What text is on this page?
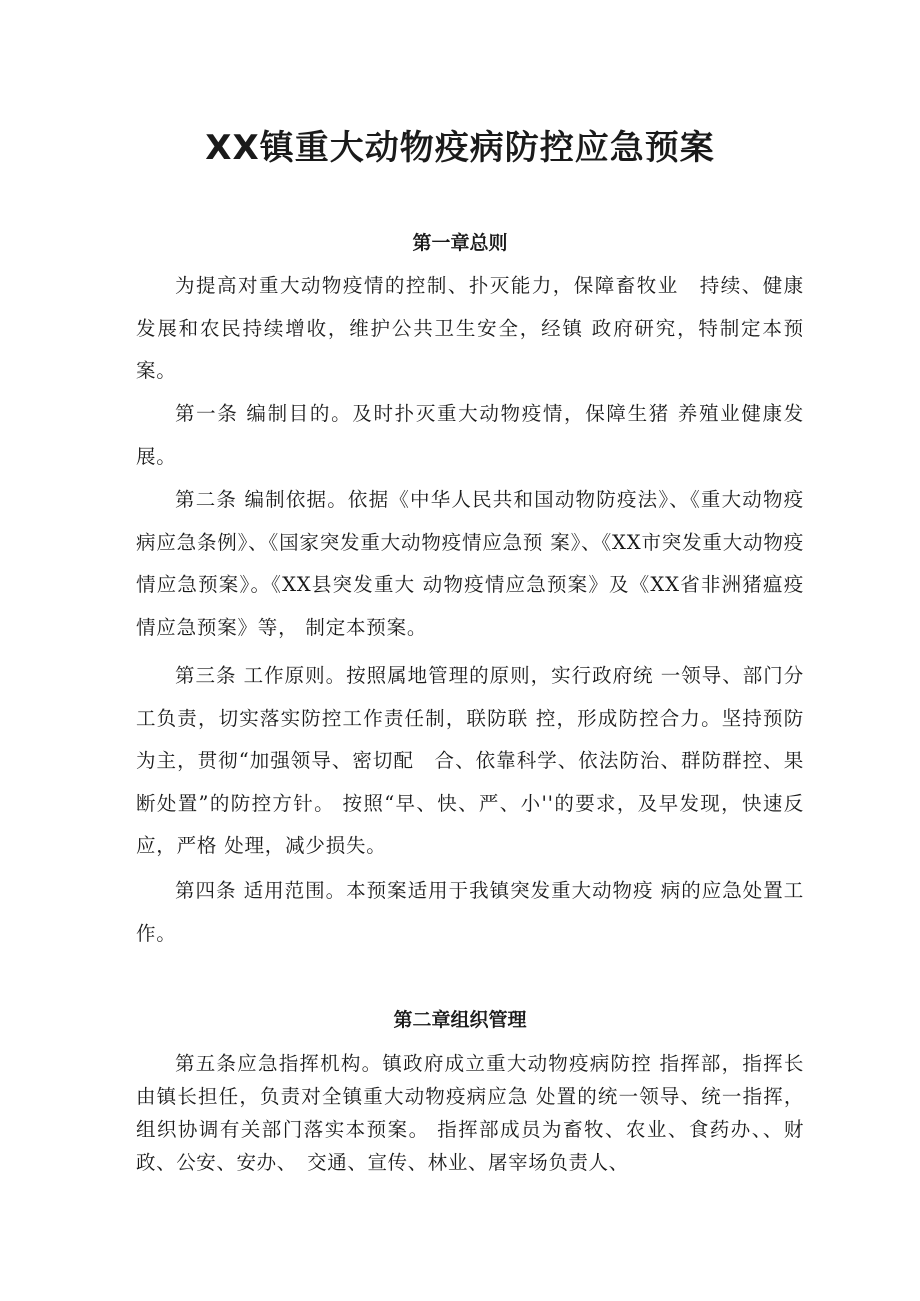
XX镇重大动物疫病防控应急预案
第一章总则

为提高对重大动物疫情的控制、扑灭能力，保障畜牧业　持续、健康发展和农民持续增收，维护公共卫生安全，经镇 政府研究，特制定本预案。

第一条 编制目的。及时扑灭重大动物疫情，保障生猪 养殖业健康发展。

第二条 编制依据。依据《中华人民共和国动物防疫法》、《重大动物疫病应急条例》、《国家突发重大动物疫情应急预 案》、《XX市突发重大动物疫情应急预案》。《XX县突发重大 动物疫情应急预案》及《XX省非洲猪瘟疫情应急预案》等， 制定本预案。

第三条 工作原则。按照属地管理的原则，实行政府统 一领导、部门分工负责，切实落实防控工作责任制，联防联 控，形成防控合力。坚持预防为主，贯彻“加强领导、密切配　合、依靠科学、依法防治、群防群控、果断处置”的防控方针。 按照“早、快、严、小''的要求，及早发现，快速反应，严格 处理，减少损失。

第四条 适用范围。本预案适用于我镇突发重大动物疫 病的应急处置工作。

第二章组织管理

第五条应急指挥机构。镇政府成立重大动物疫病防控 指挥部，指挥长由镇长担任，负责对全镇重大动物疫病应急 处置的统一领导、统一指挥，组织协调有关部门落实本预案。 指挥部成员为畜牧、农业、食药办、、财政、公安、安办、　交通、宣传、林业、屠宰场负责人、
